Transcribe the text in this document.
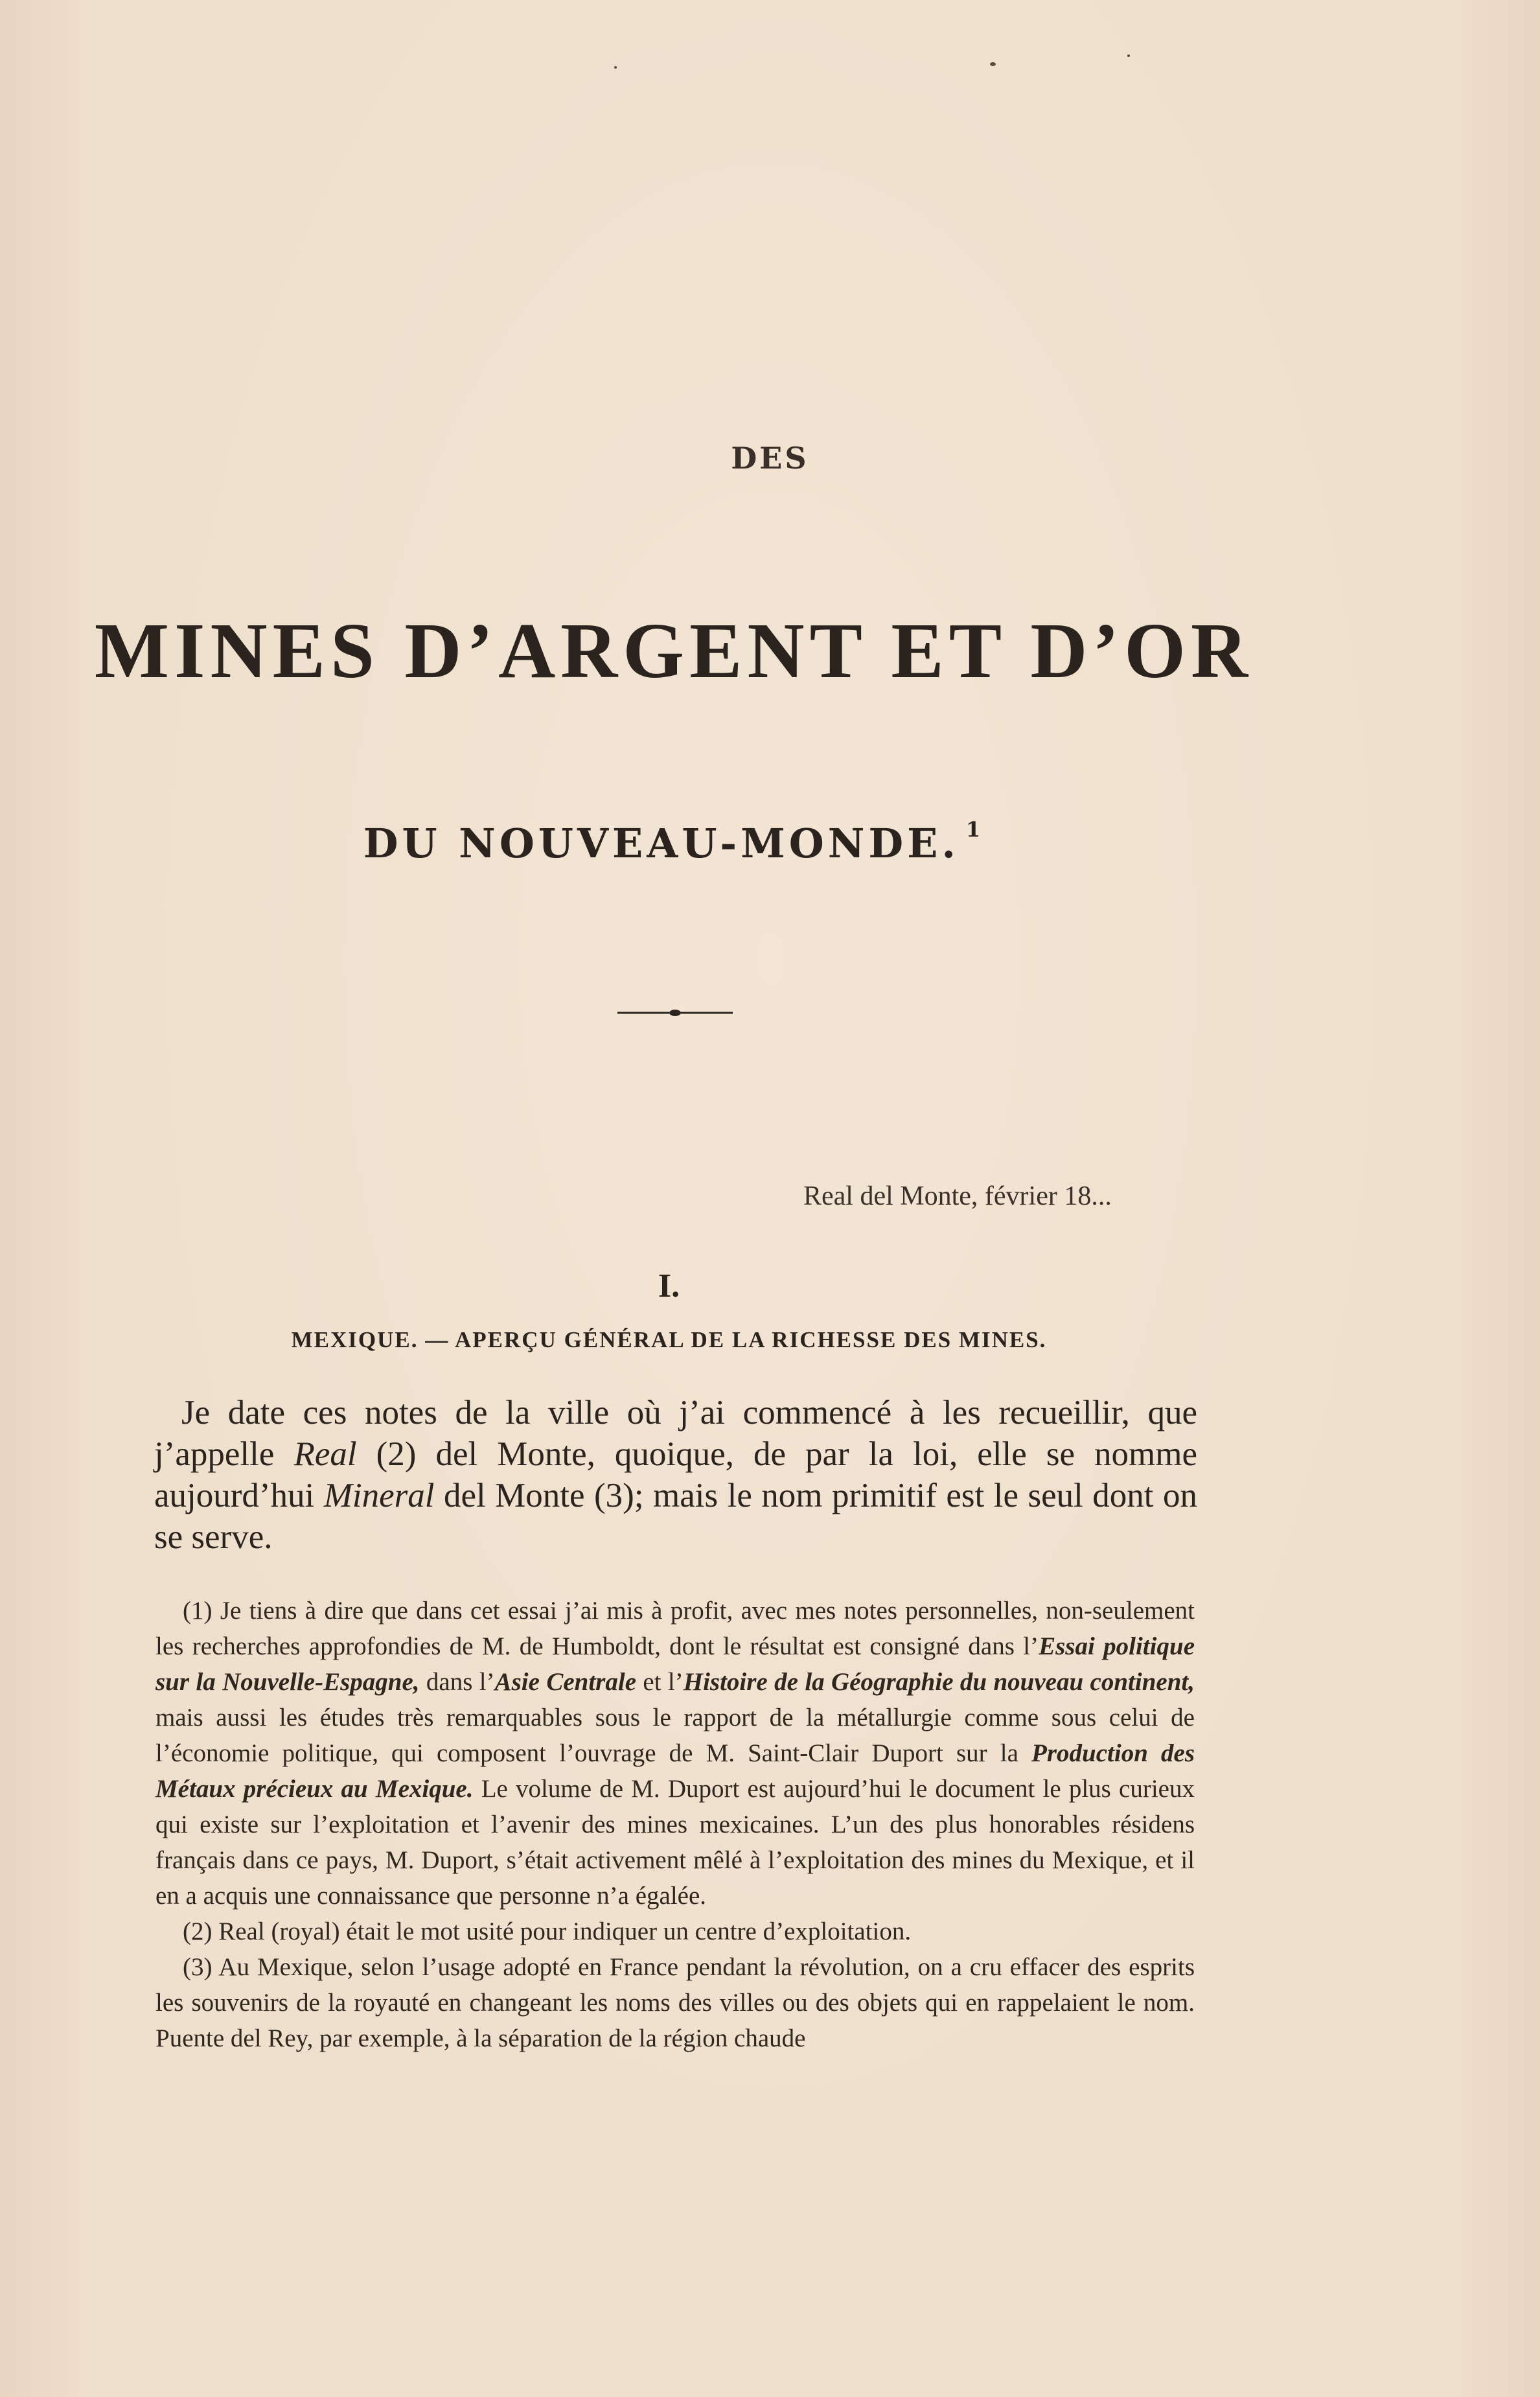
DES
MINES D’ARGENT ET D’OR
DU NOUVEAU-MONDE. $^1$
Real del Monte, février 18...
I.
MEXIQUE. — APERÇU GÉNÉRAL DE LA RICHESSE DES MINES.

Je date ces notes de la ville où j’ai commencé à les recueillir, que j’appelle Real (2) del Monte, quoique, de par la loi, elle se nomme aujourd’hui Mineral del Monte (3); mais le nom primitif est le seul dont on se serve.

(1) Je tiens à dire que dans cet essai j’ai mis à profit, avec mes notes personnelles, non-seulement les recherches approfondies de M. de Humboldt, dont le résultat est consigné dans l’Essai politique sur la Nouvelle-Espagne, dans l’Asie Centrale et l’Histoire de la Géographie du nouveau continent, mais aussi les études très remarquables sous le rapport de la métallurgie comme sous celui de l’économie politique, qui composent l’ouvrage de M. Saint-Clair Duport sur la Production des Métaux précieux au Mexique. Le volume de M. Duport est aujourd’hui le document le plus curieux qui existe sur l’exploitation et l’avenir des mines mexicaines. L’un des plus honorables résidens français dans ce pays, M. Duport, s’était activement mêlé à l’exploitation des mines du Mexique, et il en a acquis une connaissance que personne n’a égalée.

(2) Real (royal) était le mot usité pour indiquer un centre d’exploitation.

(3) Au Mexique, selon l’usage adopté en France pendant la révolution, on a cru effacer des esprits les souvenirs de la royauté en changeant les noms des villes ou des objets qui en rappelaient le nom. Puente del Rey, par exemple, à la séparation de la région chaude
